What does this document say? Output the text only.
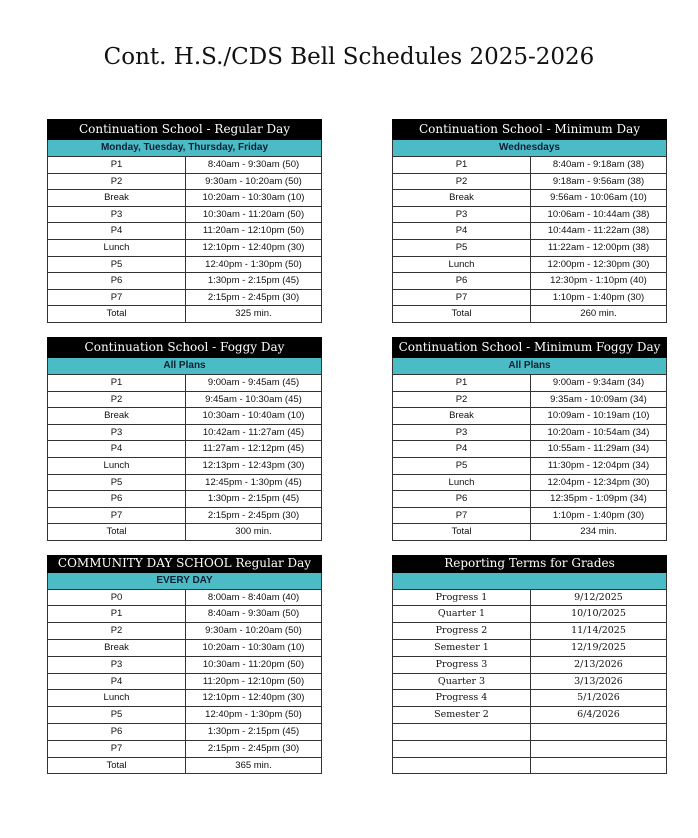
Cont. H.S./CDS Bell Schedules 2025-2026
Continuation School - Regular Day	
Monday, Tuesday, Thursday, Friday	
P1	8:40am - 9:30am (50)
P2	9:30am - 10:20am (50)
Break	10:20am - 10:30am (10)
P3	10:30am - 11:20am (50)
P4	11:20am - 12:10pm (50)
Lunch	12:10pm - 12:40pm (30)
P5	12:40pm - 1:30pm (50)
P6	1:30pm - 2:15pm (45)
P7	2:15pm - 2:45pm (30)
Total	325 min.
Continuation School - Minimum Day	
Wednesdays	
P1	8:40am - 9:18am (38)
P2	9:18am - 9:56am (38)
Break	9:56am - 10:06am (10)
P3	10:06am - 10:44am (38)
P4	10:44am - 11:22am (38)
P5	11:22am - 12:00pm (38)
Lunch	12:00pm - 12:30pm (30)
P6	12:30pm - 1:10pm (40)
P7	1:10pm - 1:40pm (30)
Total	260 min.
Continuation School - Foggy Day	
All Plans	
P1	9:00am - 9:45am (45)
P2	9:45am - 10:30am (45)
Break	10:30am - 10:40am (10)
P3	10:42am - 11:27am (45)
P4	11:27am - 12:12pm (45)
Lunch	12:13pm - 12:43pm (30)
P5	12:45pm - 1:30pm (45)
P6	1:30pm - 2:15pm (45)
P7	2:15pm - 2:45pm (30)
Total	300 min.
Continuation School - Minimum Foggy Day	
All Plans	
P1	9:00am - 9:34am (34)
P2	9:35am - 10:09am (34)
Break	10:09am - 10:19am (10)
P3	10:20am - 10:54am (34)
P4	10:55am - 11:29am (34)
P5	11:30pm - 12:04pm (34)
Lunch	12:04pm - 12:34pm (30)
P6	12:35pm - 1:09pm (34)
P7	1:10pm - 1:40pm (30)
Total	234 min.
COMMUNITY DAY SCHOOL Regular Day	
EVERY DAY	
P0	8:00am - 8:40am (40)
P1	8:40am - 9:30am (50)
P2	9:30am - 10:20am (50)
Break	10:20am - 10:30am (10)
P3	10:30am - 11:20pm (50)
P4	11:20pm - 12:10pm (50)
Lunch	12:10pm - 12:40pm (30)
P5	12:40pm - 1:30pm (50)
P6	1:30pm - 2:15pm (45)
P7	2:15pm - 2:45pm (30)
Total	365 min.
Reporting Terms for Grades	

Progress 1	9/12/2025
Quarter 1	10/10/2025
Progress 2	11/14/2025
Semester 1	12/19/2025
Progress 3	2/13/2026
Quarter 3	3/13/2026
Progress 4	5/1/2026
Semester 2	6/4/2026
